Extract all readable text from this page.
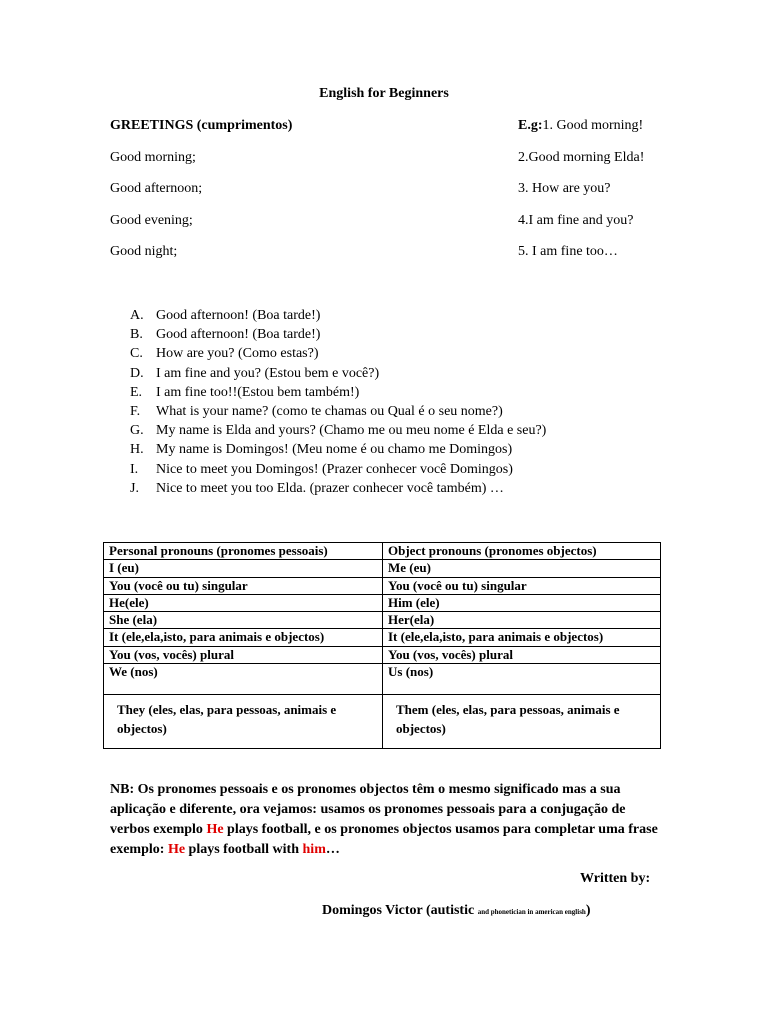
English for Beginners
GREETINGS (cumprimentos)
Good morning;
Good afternoon;
Good evening;
Good night;
E.g:1. Good morning!
2.Good morning Elda!
3. How are you?
4.I am fine and you?
5. I am fine too…
A. Good afternoon! (Boa tarde!)
B. Good afternoon! (Boa tarde!)
C. How are you? (Como estas?)
D. I am fine and you? (Estou bem e você?)
E. I am fine too!!(Estou bem também!)
F.	What is your name? (como te chamas ou Qual é o seu nome?)
G. My name is Elda and yours? (Chamo me ou meu nome é Elda e seu?)
H. My name is Domingos! (Meu nome é ou chamo me Domingos)
I.	Nice to meet you Domingos! (Prazer conhecer você Domingos)
J.	Nice to meet you too Elda. (prazer conhecer você também) …
Personal pronouns (pronomes pessoais)	Object pronouns (pronomes objectos)
I (eu)	Me (eu)
You (você ou tu) singular	You (você ou tu) singular
He(ele)	Him (ele)
She (ela)	Her(ela)
It (ele,ela,isto, para animais e objectos)	It (ele,ela,isto, para animais e objectos)
You (vos, vocês) plural	You (vos, vocês) plural
We (nos)	Us (nos)
They (eles, elas, para pessoas, animais e objectos)	Them (eles, elas, para pessoas, animais e objectos)
NB: Os pronomes pessoais e os pronomes objectos têm o mesmo significado mas a sua aplicação e diferente, ora vejamos: usamos os pronomes pessoais para a conjugação de verbos exemplo He plays football, e os pronomes objectos usamos para completar uma frase exemplo: He plays football with him…
Written by:
Domingos Victor (autistic and phonetician in american english)
